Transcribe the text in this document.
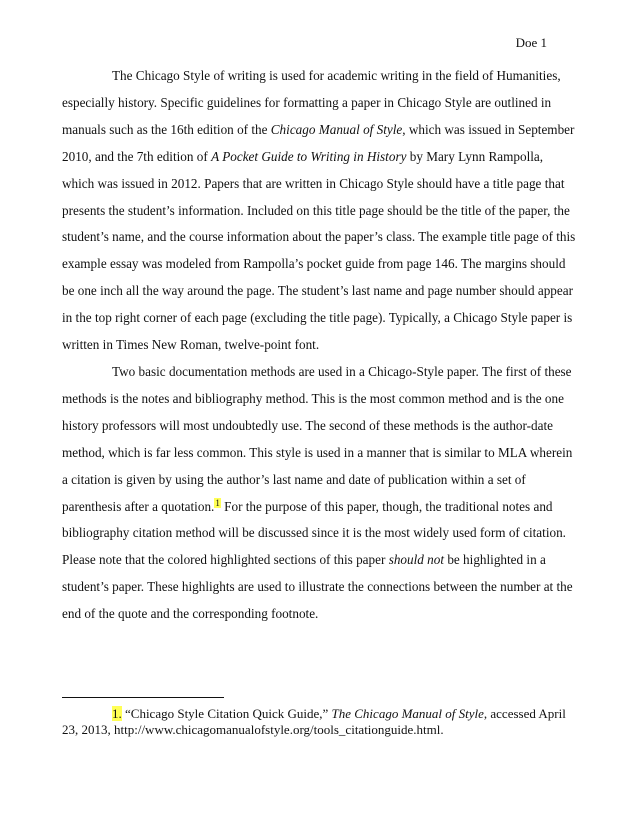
Doe 1

The Chicago Style of writing is used for academic writing in the field of Humanities, especially history. Specific guidelines for formatting a paper in Chicago Style are outlined in manuals such as the 16th edition of the Chicago Manual of Style, which was issued in September 2010, and the 7th edition of A Pocket Guide to Writing in History by Mary Lynn Rampolla, which was issued in 2012. Papers that are written in Chicago Style should have a title page that presents the student’s information. Included on this title page should be the title of the paper, the student’s name, and the course information about the paper’s class. The example title page of this example essay was modeled from Rampolla’s pocket guide from page 146. The margins should be one inch all the way around the page. The student’s last name and page number should appear in the top right corner of each page (excluding the title page). Typically, a Chicago Style paper is written in Times New Roman, twelve-point font.

Two basic documentation methods are used in a Chicago-Style paper. The first of these methods is the notes and bibliography method. This is the most common method and is the one history professors will most undoubtedly use. The second of these methods is the author-date method, which is far less common. This style is used in a manner that is similar to MLA wherein a citation is given by using the author’s last name and date of publication within a set of parenthesis after a quotation.$^1$ For the purpose of this paper, though, the traditional notes and bibliography citation method will be discussed since it is the most widely used form of citation. Please note that the colored highlighted sections of this paper should not be highlighted in a student’s paper. These highlights are used to illustrate the connections between the number at the end of the quote and the corresponding footnote.

1. “Chicago Style Citation Quick Guide,” The Chicago Manual of Style, accessed April 23, 2013, http://www.chicagomanualofstyle.org/tools_citationguide.html.
